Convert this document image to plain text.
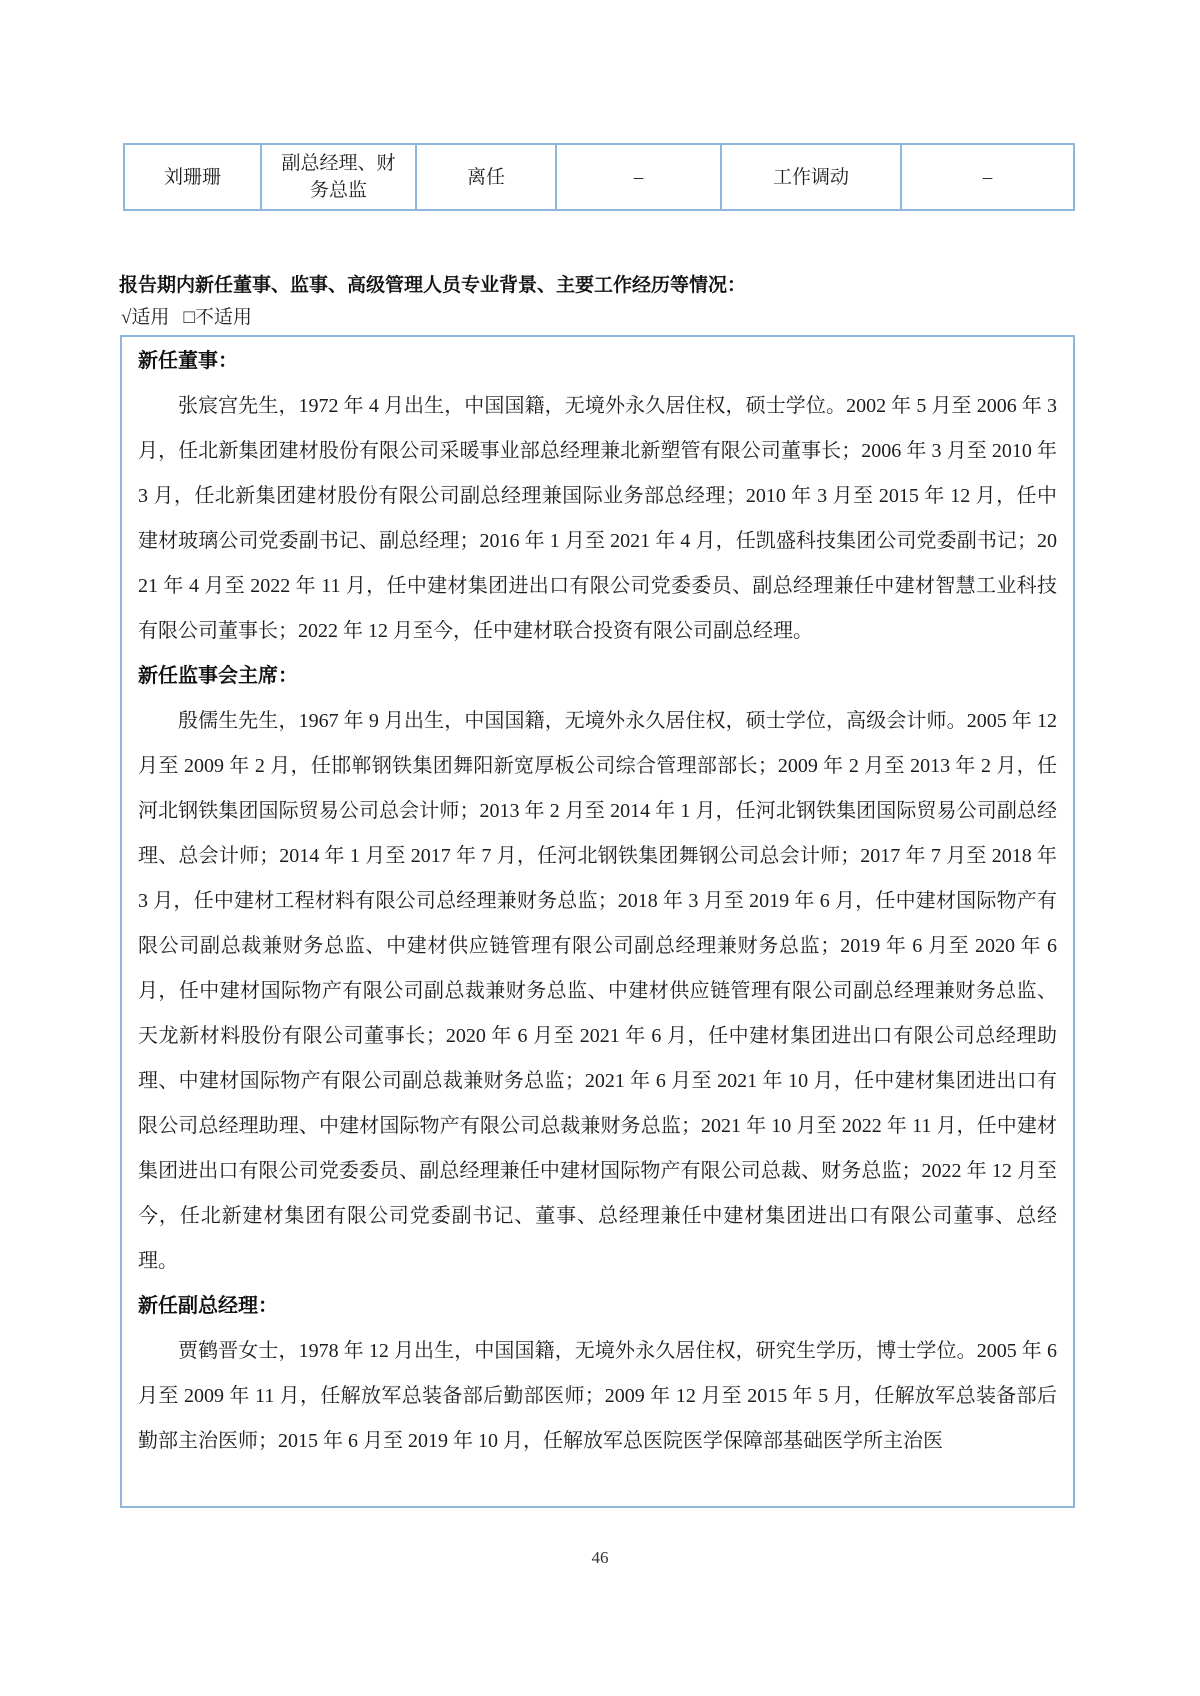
刘珊珊	副总经理、财务总监	离任	–	工作调动	–
报告期内新任董事、监事、高级管理人员专业背景、主要工作经历等情况：
√适用 □不适用

新任董事：

张宸宫先生，1972 年 4 月出生，中国国籍，无境外永久居住权，硕士学位。2002 年 5 月至 2006 年 3 月，任北新集团建材股份有限公司采暖事业部总经理兼北新塑管有限公司董事长；2006 年 3 月至 2010 年 3 月，任北新集团建材股份有限公司副总经理兼国际业务部总经理；2010 年 3 月至 2015 年 12 月，任中建材玻璃公司党委副书记、副总经理；2016 年 1 月至 2021 年 4 月，任凯盛科技集团公司党委副书记；2021 年 4 月至 2022 年 11 月，任中建材集团进出口有限公司党委委员、副总经理兼任中建材智慧工业科技有限公司董事长；2022 年 12 月至今，任中建材联合投资有限公司副总经理。

新任监事会主席：

殷儒生先生，1967 年 9 月出生，中国国籍，无境外永久居住权，硕士学位，高级会计师。2005 年 12 月至 2009 年 2 月，任邯郸钢铁集团舞阳新宽厚板公司综合管理部部长；2009 年 2 月至 2013 年 2 月，任河北钢铁集团国际贸易公司总会计师；2013 年 2 月至 2014 年 1 月，任河北钢铁集团国际贸易公司副总经理、总会计师；2014 年 1 月至 2017 年 7 月，任河北钢铁集团舞钢公司总会计师；2017 年 7 月至 2018 年 3 月，任中建材工程材料有限公司总经理兼财务总监；2018 年 3 月至 2019 年 6 月，任中建材国际物产有限公司副总裁兼财务总监、中建材供应链管理有限公司副总经理兼财务总监；2019 年 6 月至 2020 年 6 月，任中建材国际物产有限公司副总裁兼财务总监、中建材供应链管理有限公司副总经理兼财务总监、天龙新材料股份有限公司董事长；2020 年 6 月至 2021 年 6 月，任中建材集团进出口有限公司总经理助理、中建材国际物产有限公司副总裁兼财务总监；2021 年 6 月至 2021 年 10 月，任中建材集团进出口有限公司总经理助理、中建材国际物产有限公司总裁兼财务总监；2021 年 10 月至 2022 年 11 月，任中建材集团进出口有限公司党委委员、副总经理兼任中建材国际物产有限公司总裁、财务总监；2022 年 12 月至今，任北新建材集团有限公司党委副书记、董事、总经理兼任中建材集团进出口有限公司董事、总经理。

新任副总经理：

贾鹤晋女士，1978 年 12 月出生，中国国籍，无境外永久居住权，研究生学历，博士学位。2005 年 6 月至 2009 年 11 月，任解放军总装备部后勤部医师；2009 年 12 月至 2015 年 5 月，任解放军总装备部后勤部主治医师；2015 年 6 月至 2019 年 10 月，任解放军总医院医学保障部基础医学所主治医

46
